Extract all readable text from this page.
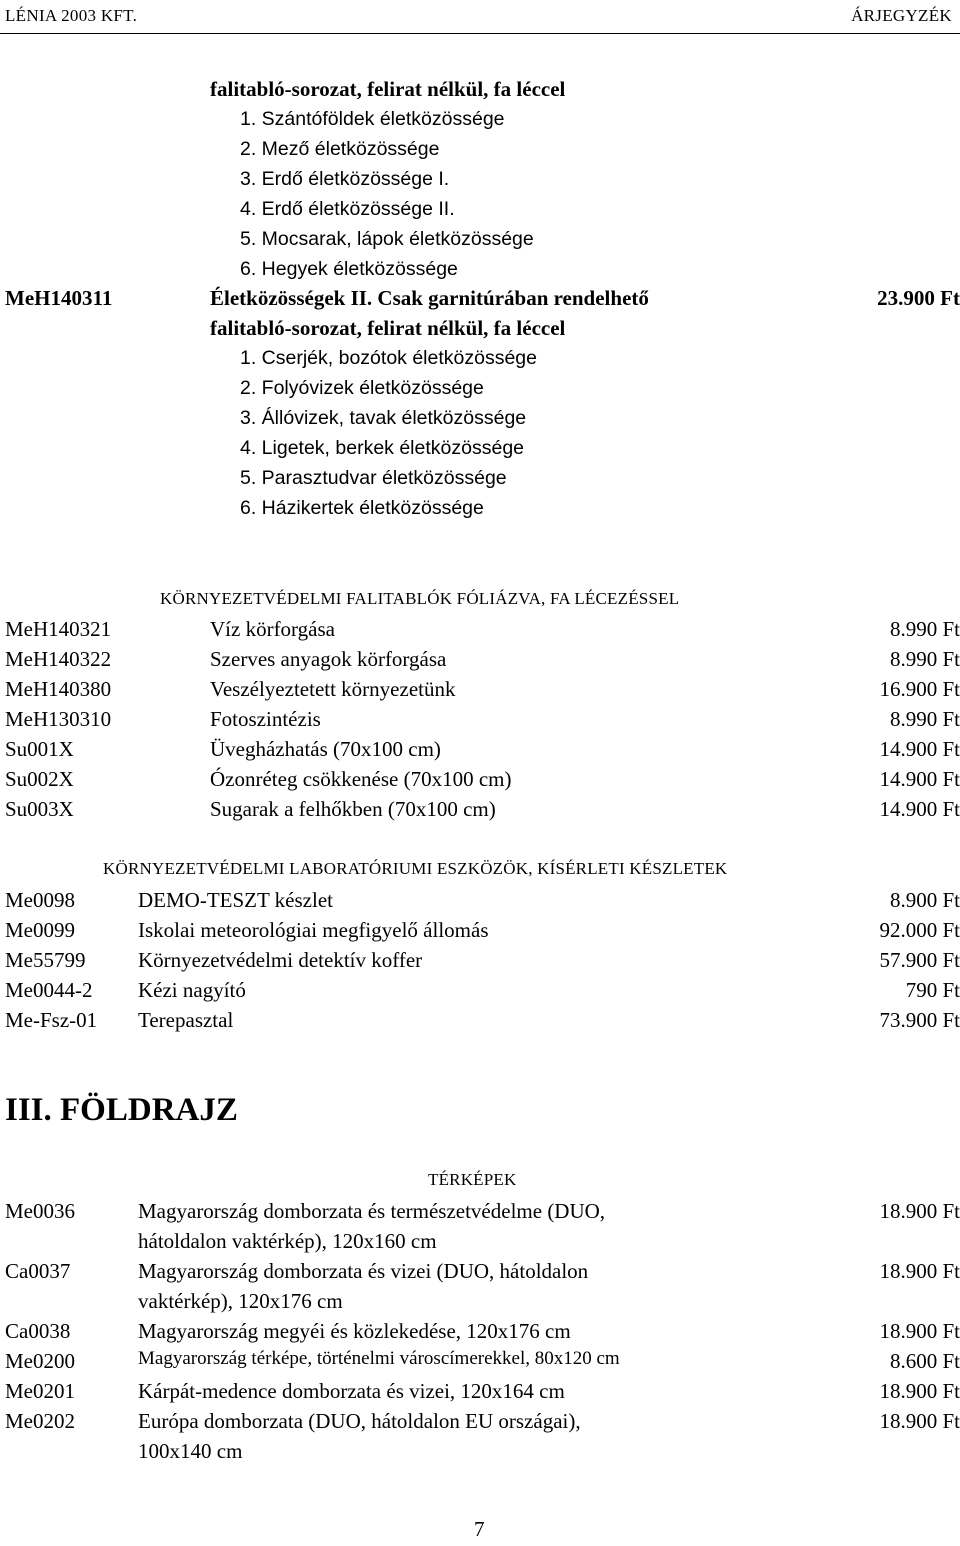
LÉNIA 2003 KFT.	ÁRJEGYZÉK
falitabló-sorozat, felirat nélkül, fa léccel
1. Szántóföldek életközössége
2. Mező életközössége
3. Erdő életközössége I.
4. Erdő életközössége II.
5. Mocsarak, lápok életközössége
6. Hegyek életközössége
MeH140311	Életközösségek II. Csak garnitúrában rendelhető	23.900 Ft
falitabló-sorozat, felirat nélkül, fa léccel
1. Cserjék, bozótok életközössége
2. Folyóvizek életközössége
3. Állóvizek, tavak életközössége
4. Ligetek, berkek életközössége
5. Parasztudvar életközössége
6. Házikertek életközössége
KÖRNYEZETVÉDELMI FALITABLÓK FÓLIÁZVA, FA LÉCEZÉSSEL
MeH140321	Víz körforgása	8.990 Ft
MeH140322	Szerves anyagok körforgása	8.990 Ft
MeH140380	Veszélyeztetett környezetünk	16.900 Ft
MeH130310	Fotoszintézis	8.990 Ft
Su001X	Üvegházhatás (70x100 cm)	14.900 Ft
Su002X	Ózonréteg csökkenése (70x100 cm)	14.900 Ft
Su003X	Sugarak a felhőkben (70x100 cm)	14.900 Ft
KÖRNYEZETVÉDELMI LABORATÓRIUMI ESZKÖZÖK, KÍSÉRLETI KÉSZLETEK
Me0098	DEMO-TESZT készlet	8.900 Ft
Me0099	Iskolai meteorológiai megfigyelő állomás	92.000 Ft
Me55799	Környezetvédelmi detektív koffer	57.900 Ft
Me0044-2 Kézi nagyító	790 Ft
Me-Fsz-01 Terepasztal	73.900 Ft
III. FÖLDRAJZ
TÉRKÉPEK
Me0036	Magyarország domborzata és természetvédelme (DUO,
hátoldalon vaktérkép), 120x160 cm
18.900 Ft
Ca0037	Magyarország domborzata és vizei (DUO, hátoldalon
vaktérkép), 120x176 cm
18.900 Ft
Ca0038	Magyarország megyéi és közlekedése, 120x176 cm	18.900 Ft
Me0200	Magyarország térképe, történelmi városcímerekkel, 80x120 cm	8.600 Ft
Me0201	Kárpát-medence domborzata és vizei, 120x164 cm	18.900 Ft
Me0202	Európa domborzata (DUO, hátoldalon EU országai),
100x140 cm
18.900 Ft
7
